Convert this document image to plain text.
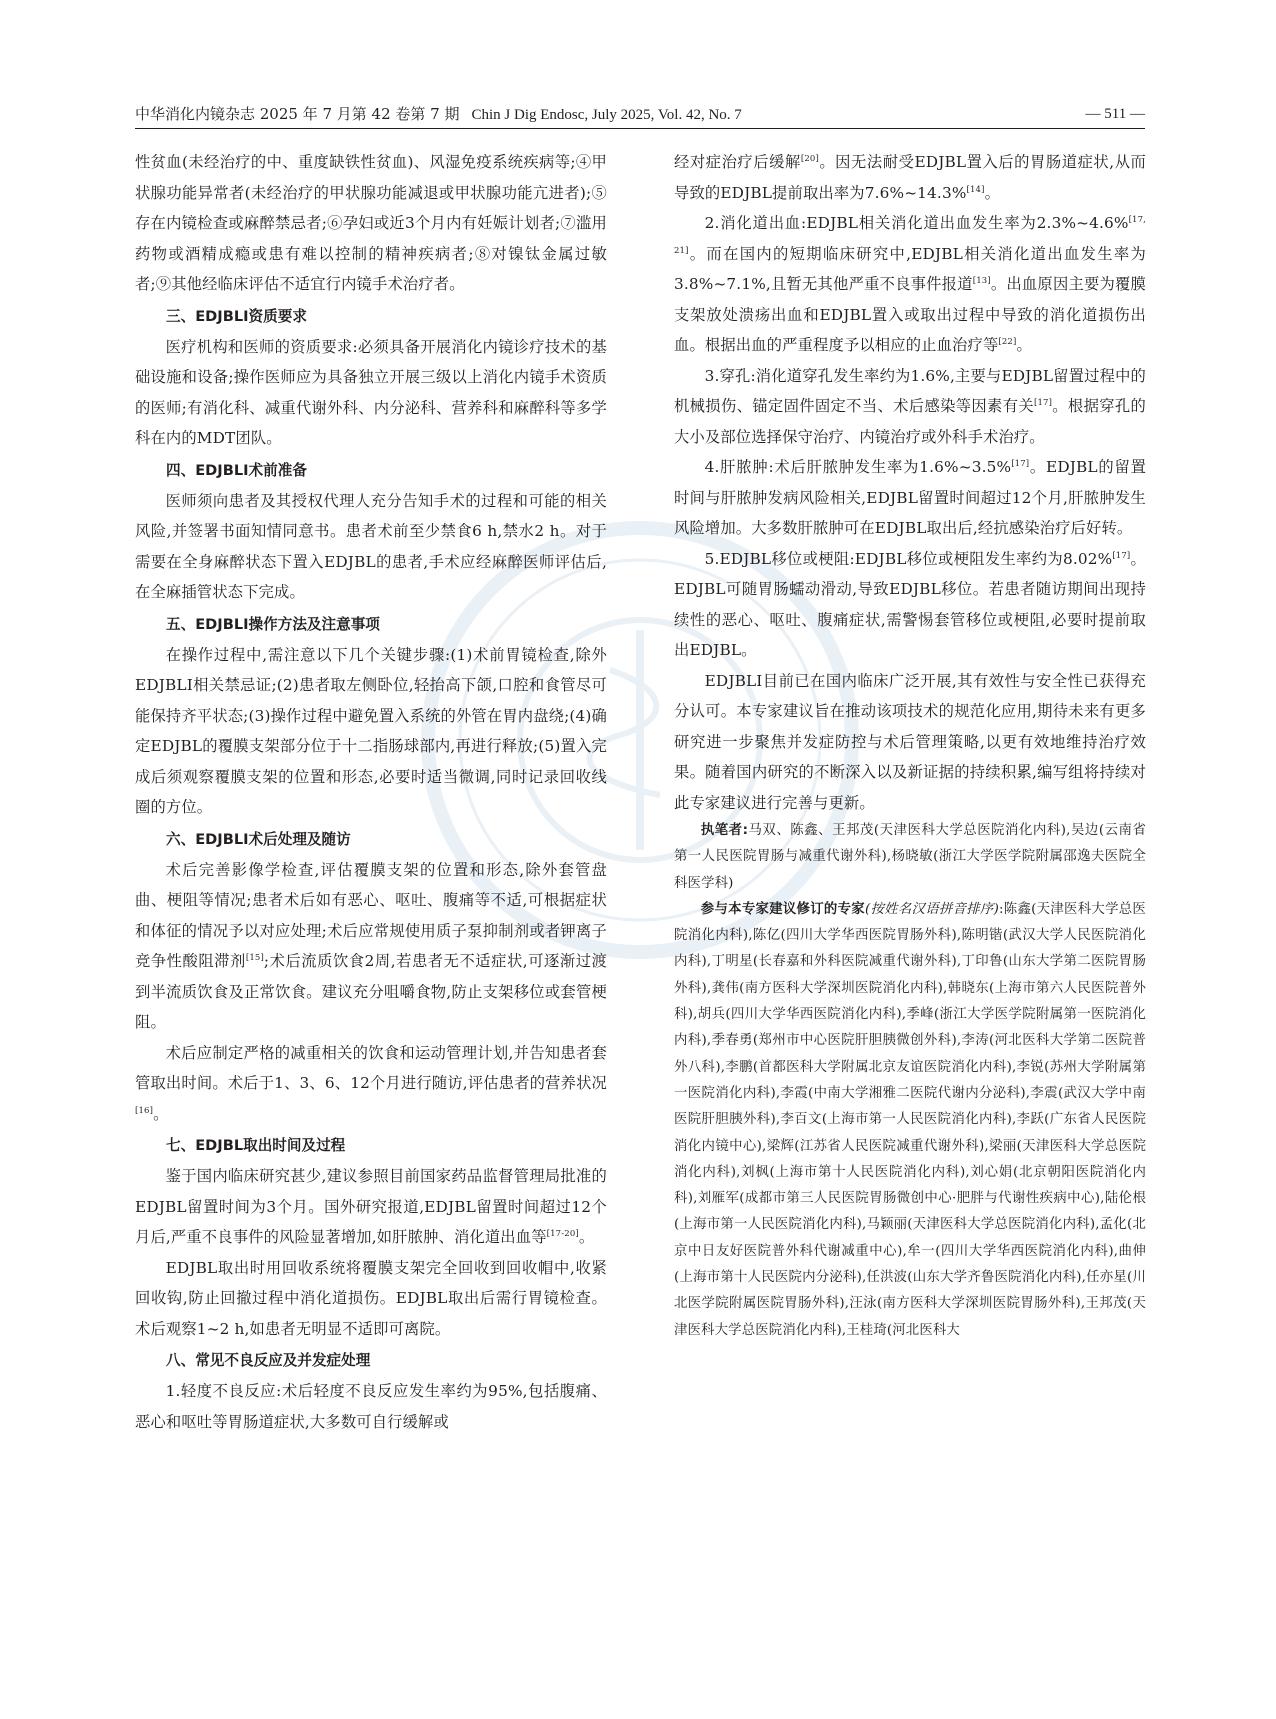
中华消化内镜杂志 2025 年 7 月第 42 卷第 7 期 Chin J Dig Endosc, July 2025, Vol. 42, No. 7	— 511 —

性贫血(未经治疗的中、重度缺铁性贫血)、风湿免疫系统疾病等;④甲状腺功能异常者(未经治疗的甲状腺功能减退或甲状腺功能亢进者);⑤存在内镜检查或麻醉禁忌者;⑥孕妇或近3个月内有妊娠计划者;⑦滥用药物或酒精成瘾或患有难以控制的精神疾病者;⑧对镍钛金属过敏者;⑨其他经临床评估不适宜行内镜手术治疗者。

三、EDJBLI资质要求

医疗机构和医师的资质要求:必须具备开展消化内镜诊疗技术的基础设施和设备;操作医师应为具备独立开展三级以上消化内镜手术资质的医师;有消化科、减重代谢外科、内分泌科、营养科和麻醉科等多学科在内的MDT团队。

四、EDJBLI术前准备

医师须向患者及其授权代理人充分告知手术的过程和可能的相关风险,并签署书面知情同意书。患者术前至少禁食6 h,禁水2 h。对于需要在全身麻醉状态下置入EDJBL的患者,手术应经麻醉医师评估后,在全麻插管状态下完成。

五、EDJBLI操作方法及注意事项

在操作过程中,需注意以下几个关键步骤:(1)术前胃镜检查,除外EDJBLI相关禁忌证;(2)患者取左侧卧位,轻抬高下颌,口腔和食管尽可能保持齐平状态;(3)操作过程中避免置入系统的外管在胃内盘绕;(4)确定EDJBL的覆膜支架部分位于十二指肠球部内,再进行释放;(5)置入完成后须观察覆膜支架的位置和形态,必要时适当微调,同时记录回收线圈的方位。

六、EDJBLI术后处理及随访

术后完善影像学检查,评估覆膜支架的位置和形态,除外套管盘曲、梗阻等情况;患者术后如有恶心、呕吐、腹痛等不适,可根据症状和体征的情况予以对应处理;术后应常规使用质子泵抑制剂或者钾离子竞争性酸阻滞剂[15];术后流质饮食2周,若患者无不适症状,可逐渐过渡到半流质饮食及正常饮食。建议充分咀嚼食物,防止支架移位或套管梗阻。

术后应制定严格的减重相关的饮食和运动管理计划,并告知患者套管取出时间。术后于1、3、6、12个月进行随访,评估患者的营养状况[16]。

七、EDJBL取出时间及过程

鉴于国内临床研究甚少,建议参照目前国家药品监督管理局批准的EDJBL留置时间为3个月。国外研究报道,EDJBL留置时间超过12个月后,严重不良事件的风险显著增加,如肝脓肿、消化道出血等[17-20]。

EDJBL取出时用回收系统将覆膜支架完全回收到回收帽中,收紧回收钩,防止回撤过程中消化道损伤。EDJBL取出后需行胃镜检查。术后观察1~2 h,如患者无明显不适即可离院。

八、常见不良反应及并发症处理

1.轻度不良反应:术后轻度不良反应发生率约为95%,包括腹痛、恶心和呕吐等胃肠道症状,大多数可自行缓解或

经对症治疗后缓解[20]。因无法耐受EDJBL置入后的胃肠道症状,从而导致的EDJBL提前取出率为7.6%~14.3%[14]。

2.消化道出血:EDJBL相关消化道出血发生率为2.3%~4.6%[17, 21]。而在国内的短期临床研究中,EDJBL相关消化道出血发生率为3.8%~7.1%,且暂无其他严重不良事件报道[13]。出血原因主要为覆膜支架放处溃疡出血和EDJBL置入或取出过程中导致的消化道损伤出血。根据出血的严重程度予以相应的止血治疗等[22]。

3.穿孔:消化道穿孔发生率约为1.6%,主要与EDJBL留置过程中的机械损伤、锚定固件固定不当、术后感染等因素有关[17]。根据穿孔的大小及部位选择保守治疗、内镜治疗或外科手术治疗。

4.肝脓肿:术后肝脓肿发生率为1.6%~3.5%[17]。EDJBL的留置时间与肝脓肿发病风险相关,EDJBL留置时间超过12个月,肝脓肿发生风险增加。大多数肝脓肿可在EDJBL取出后,经抗感染治疗后好转。

5.EDJBL移位或梗阻:EDJBL移位或梗阻发生率约为8.02%[17]。EDJBL可随胃肠蠕动滑动,导致EDJBL移位。若患者随访期间出现持续性的恶心、呕吐、腹痛症状,需警惕套管移位或梗阻,必要时提前取出EDJBL。

EDJBLI目前已在国内临床广泛开展,其有效性与安全性已获得充分认可。本专家建议旨在推动该项技术的规范化应用,期待未来有更多研究进一步聚焦并发症防控与术后管理策略,以更有效地维持治疗效果。随着国内研究的不断深入以及新证据的持续积累,编写组将持续对此专家建议进行完善与更新。

执笔者:马双、陈鑫、王邦茂(天津医科大学总医院消化内科),吴边(云南省第一人民医院胃肠与减重代谢外科),杨晓敏(浙江大学医学院附属邵逸夫医院全科医学科)

参与本专家建议修订的专家(按姓名汉语拼音排序):陈鑫(天津医科大学总医院消化内科),陈亿(四川大学华西医院胃肠外科),陈明锴(武汉大学人民医院消化内科),丁明星(长春嘉和外科医院减重代谢外科),丁印鲁(山东大学第二医院胃肠外科),龚伟(南方医科大学深圳医院消化内科),韩晓东(上海市第六人民医院普外科),胡兵(四川大学华西医院消化内科),季峰(浙江大学医学院附属第一医院消化内科),季春勇(郑州市中心医院肝胆胰微创外科),李涛(河北医科大学第二医院普外八科),李鹏(首都医科大学附属北京友谊医院消化内科),李锐(苏州大学附属第一医院消化内科),李霞(中南大学湘雅二医院代谢内分泌科),李震(武汉大学中南医院肝胆胰外科),李百文(上海市第一人民医院消化内科),李跃(广东省人民医院消化内镜中心),梁辉(江苏省人民医院减重代谢外科),梁丽(天津医科大学总医院消化内科),刘枫(上海市第十人民医院消化内科),刘心娟(北京朝阳医院消化内科),刘雁军(成都市第三人民医院胃肠微创中心·肥胖与代谢性疾病中心),陆伦根(上海市第一人民医院消化内科),马颖丽(天津医科大学总医院消化内科),孟化(北京中日友好医院普外科代谢减重中心),牟一(四川大学华西医院消化内科),曲伸(上海市第十人民医院内分泌科),任洪波(山东大学齐鲁医院消化内科),任亦星(川北医学院附属医院胃肠外科),汪泳(南方医科大学深圳医院胃肠外科),王邦茂(天津医科大学总医院消化内科),王桂琦(河北医科大
